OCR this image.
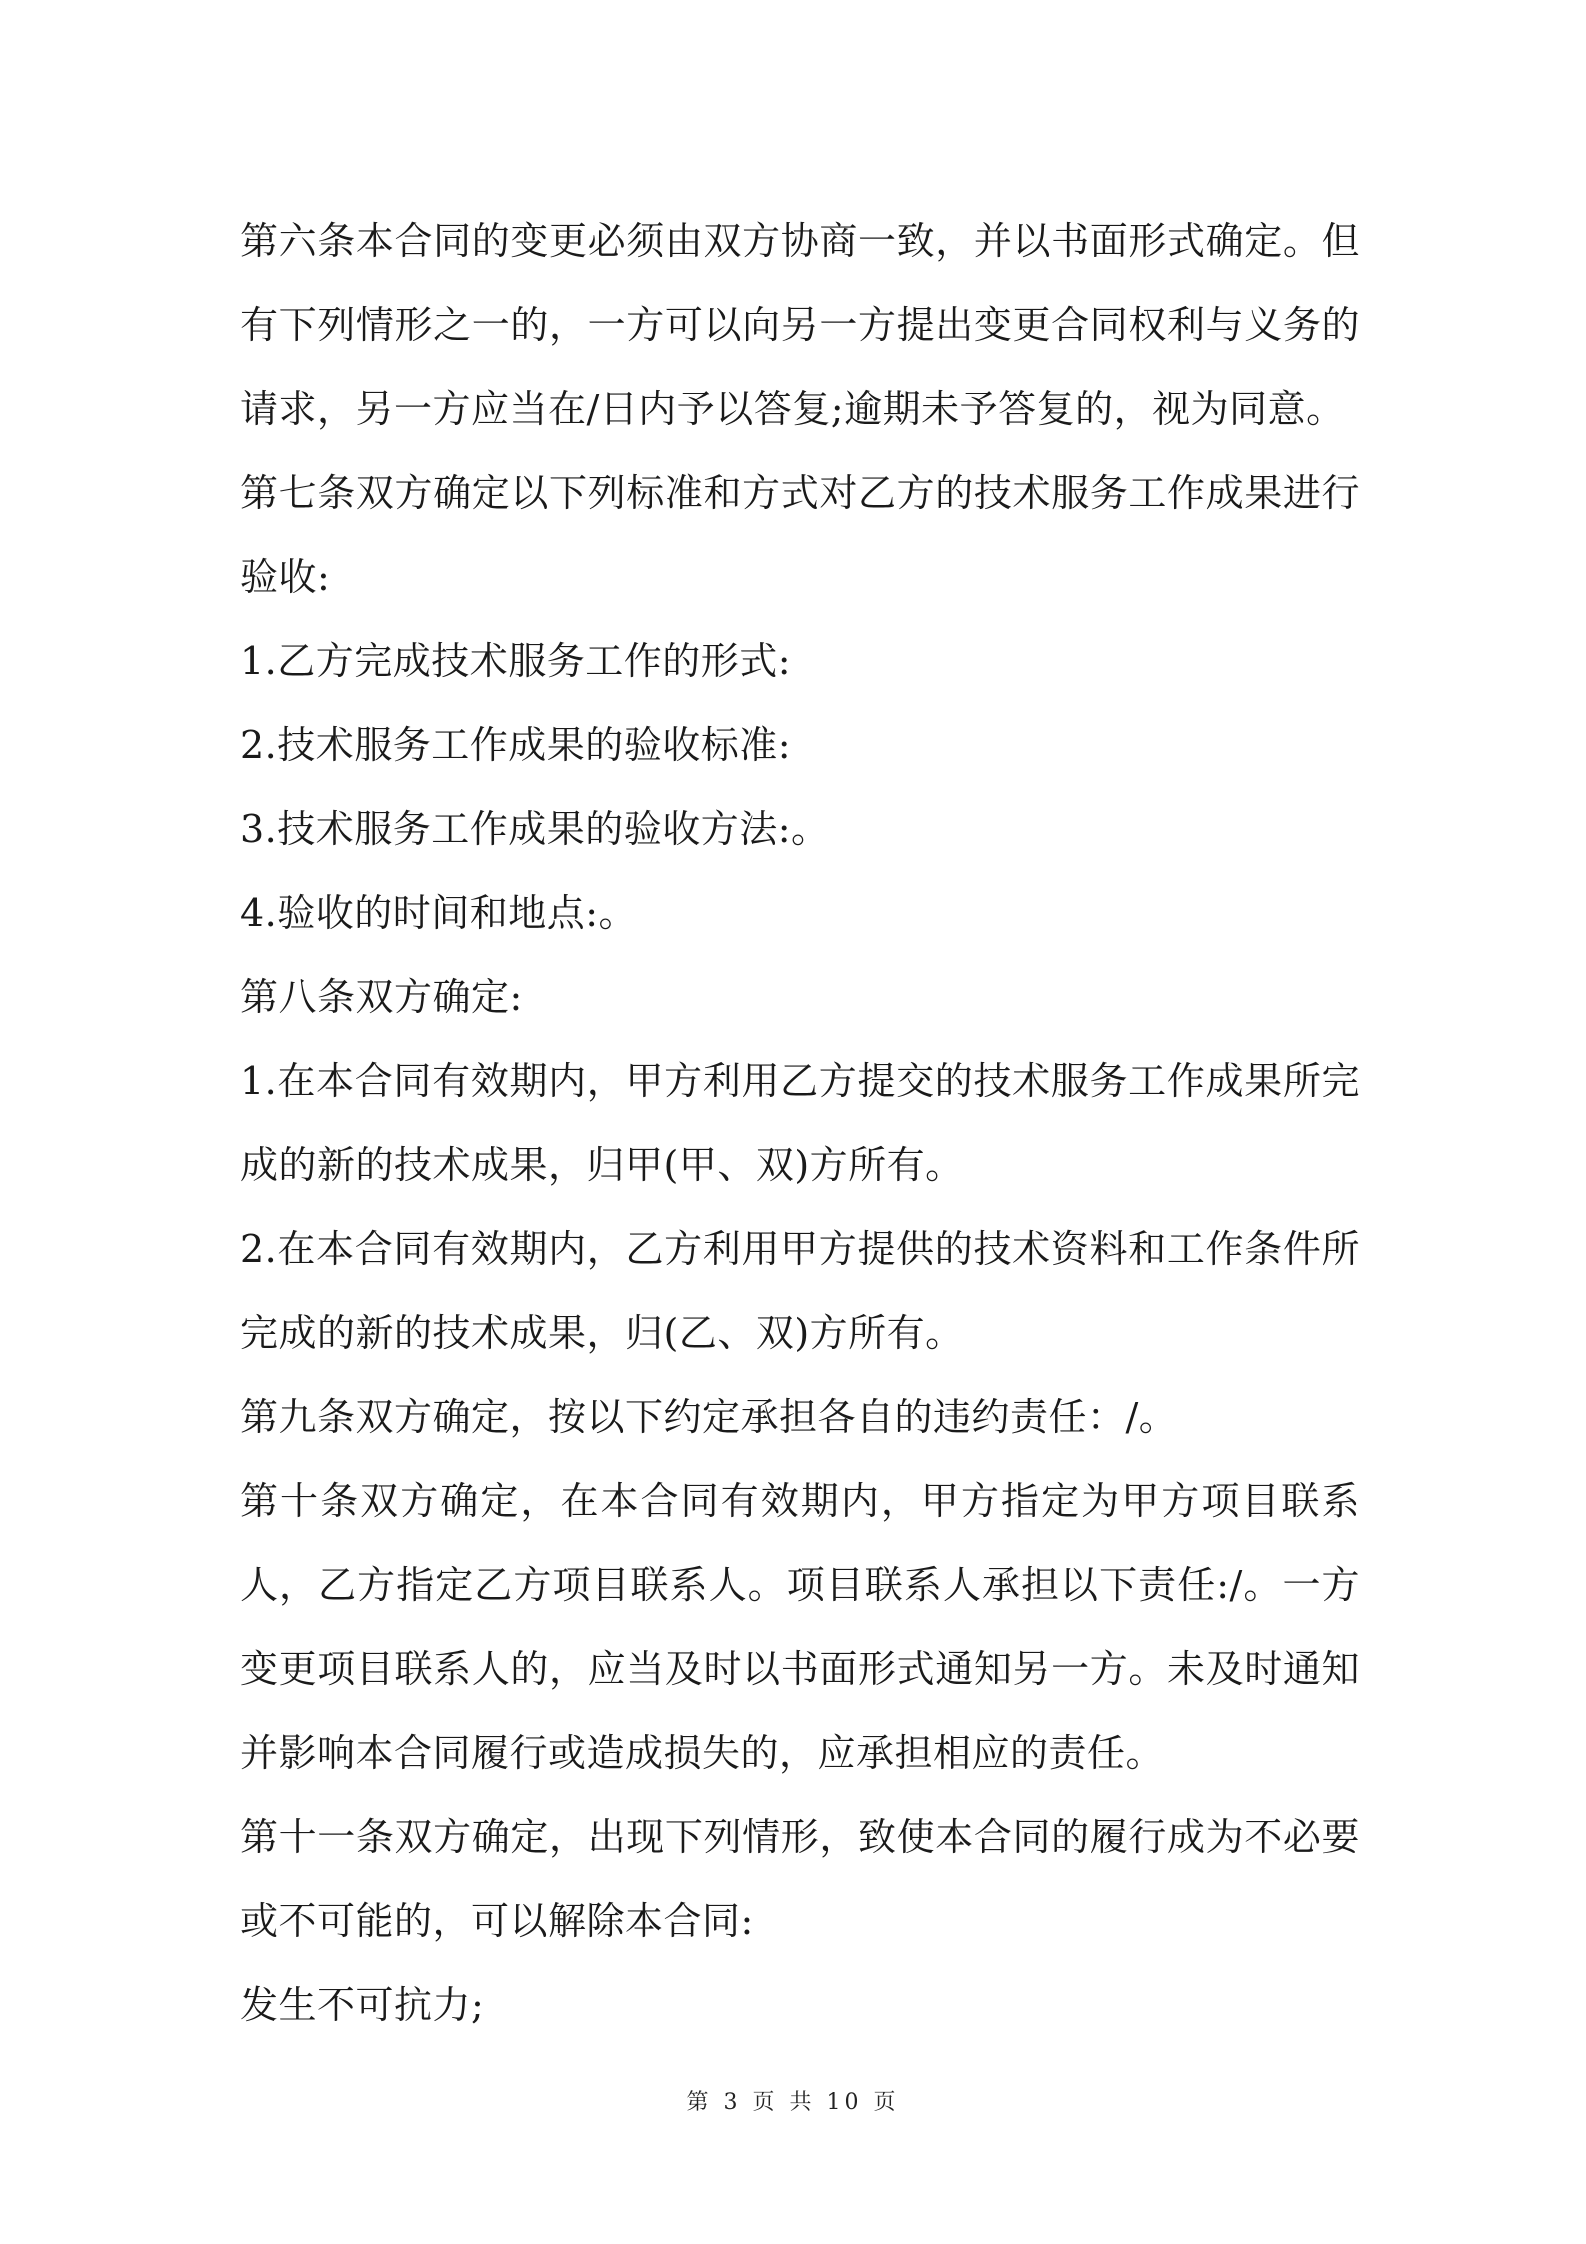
第六条本合同的变更必须由双方协商一致，并以书面形式确定。但有下列情形之一的，一方可以向另一方提出变更合同权利与义务的请求，另一方应当在/日内予以答复;逾期未予答复的，视为同意。

第七条双方确定以下列标准和方式对乙方的技术服务工作成果进行验收:

1.乙方完成技术服务工作的形式:

2.技术服务工作成果的验收标准:

3.技术服务工作成果的验收方法:。

4.验收的时间和地点:。

第八条双方确定:

1.在本合同有效期内，甲方利用乙方提交的技术服务工作成果所完成的新的技术成果，归甲(甲、双)方所有。

2.在本合同有效期内，乙方利用甲方提供的技术资料和工作条件所完成的新的技术成果，归(乙、双)方所有。

第九条双方确定，按以下约定承担各自的违约责任：/。

第十条双方确定，在本合同有效期内，甲方指定为甲方项目联系人，乙方指定乙方项目联系人。项目联系人承担以下责任:/。一方变更项目联系人的，应当及时以书面形式通知另一方。未及时通知并影响本合同履行或造成损失的，应承担相应的责任。

第十一条双方确定，出现下列情形，致使本合同的履行成为不必要或不可能的，可以解除本合同:

发生不可抗力;

第 3 页 共 10 页
